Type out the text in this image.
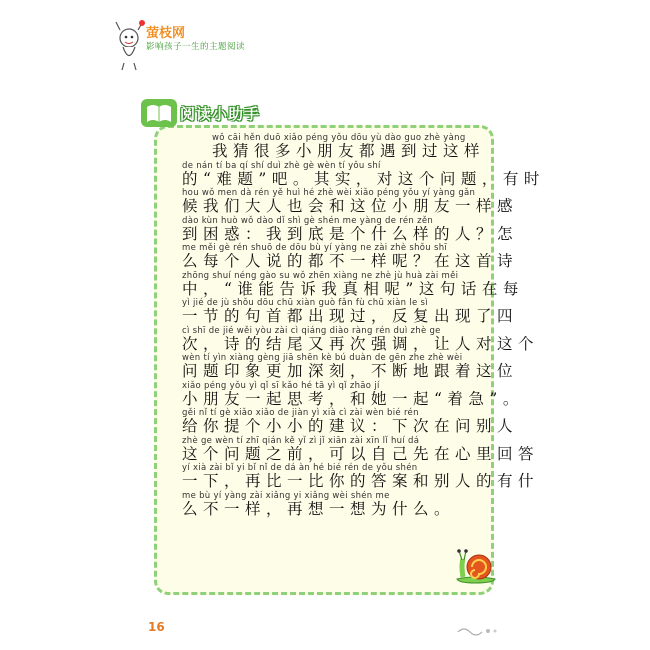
萤枝网
影响孩子一生的主题阅读
阅读小助手
wǒ cāi hěn duō xiǎo péng yǒu dōu yù dào guo zhè yàng
我猜很多小朋友都遇到过这样
de nán tí ba qí shí duì zhè gè wèn tí yǒu shí
的“难题”吧。其实，对这个问题，有时
hou wǒ men dà rén yě huì hé zhè wèi xiǎo péng yǒu yí yàng gǎn
候我们大人也会和这位小朋友一样感
dào kùn huò wǒ dào dǐ shì gè shén me yàng de rén zěn
到困惑：我到底是个什么样的人？怎
me měi gè rén shuō de dōu bù yí yàng ne zài zhè shǒu shī
么每个人说的都不一样呢？在这首诗
zhōng shuí néng gào su wǒ zhēn xiàng ne zhè jù huà zài měi
中，“谁能告诉我真相呢”这句话在每
yì jié de jù shǒu dōu chū xiàn guò fǎn fù chū xiàn le sì
一节的句首都出现过，反复出现了四
cì shī de jié wěi yòu zài cì qiáng diào ràng rén duì zhè ge
次，诗的结尾又再次强调，让人对这个
wèn tí yìn xiàng gèng jiā shēn kè bú duàn de gēn zhe zhè wèi
问题印象更加深刻，不断地跟着这位
xiǎo péng yǒu yì qǐ sī kǎo hé tā yì qǐ zhāo jí
小朋友一起思考，和她一起“着急”。
gěi nǐ tí gè xiǎo xiǎo de jiàn yì xià cì zài wèn bié rén
给你提个小小的建议：下次在问别人
zhè ge wèn tí zhī qián kě yǐ zì jǐ xiān zài xīn lǐ huí dá
这个问题之前，可以自己先在心里回答
yí xià zài bǐ yi bǐ nǐ de dá àn hé bié rén de yǒu shén
一下，再比一比你的答案和别人的有什
me bù yí yàng zài xiǎng yi xiǎng wèi shén me
么不一样，再想一想为什么。
16
